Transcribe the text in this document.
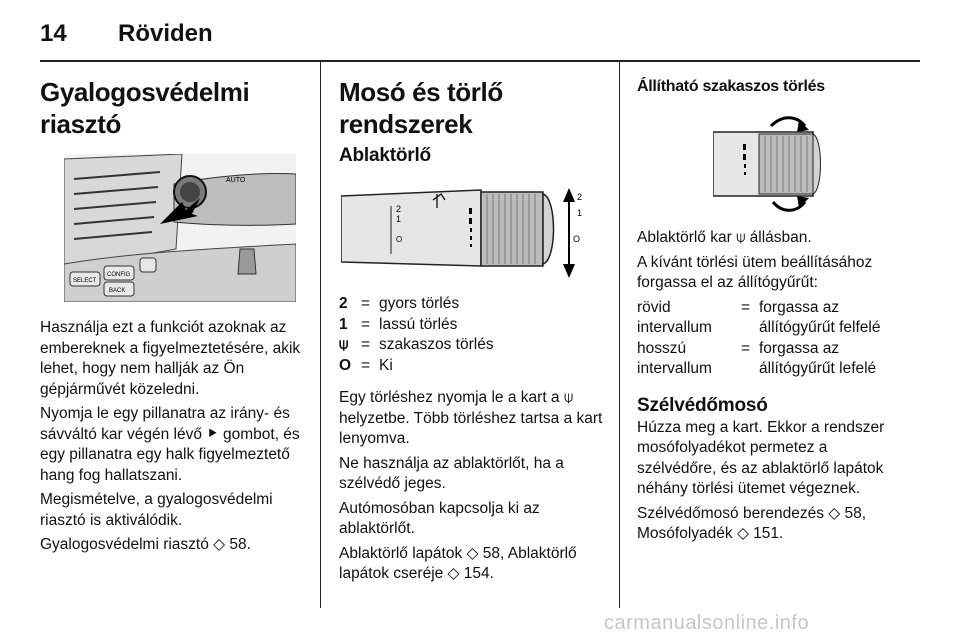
14 Röviden
Gyalogosvédelmi riasztó
AUTO
SELECT
CONFIG
BACK

Használja ezt a funkciót azoknak az embereknek a figyelmeztetésére, akik lehet, hogy nem hallják az Ön gépjárművét közeledni.

Nyomja le egy pillanatra az irány- és sávváltó kar végén lévő ⯈ gombot, és egy pillanatra egy halk figyelmeztető hang fog hallatszani.

Megismételve, a gyalogosvédelmi riasztó is aktiválódik.

Gyalogosvédelmi riasztó ◇ 58.

Mosó és törlő rendszerek
Ablaktörlő
2
1
O
2
1
O
2 = gyors törlés
1 = lassú törlés
⍦ = szakaszos törlés
O = Ki

Egy törléshez nyomja le a kart a ⍦ helyzetbe. Több törléshez tartsa a kart lenyomva.

Ne használja az ablaktörlőt, ha a szélvédő jeges.

Autómosóban kapcsolja ki az ablaktörlőt.

Ablaktörlő lapátok ◇ 58, Ablaktörlő lapátok cseréje ◇ 154.

Állítható szakaszos törlés

Ablaktörlő kar ⍦ állásban.

A kívánt törlési ütem beállításához forgassa el az állítógyűrűt:

rövid intervallum
= forgassa az állítógyűrűt felfelé
hosszú intervallum
= forgassa az állítógyűrűt lefelé
Szélvédőmosó

Húzza meg a kart. Ekkor a rendszer mosófolyadékot permetez a szélvédőre, és az ablaktörlő lapátok néhány törlési ütemet végeznek.

Szélvédőmosó berendezés ◇ 58, Mosófolyadék ◇ 151.

carmanualsonline.info
